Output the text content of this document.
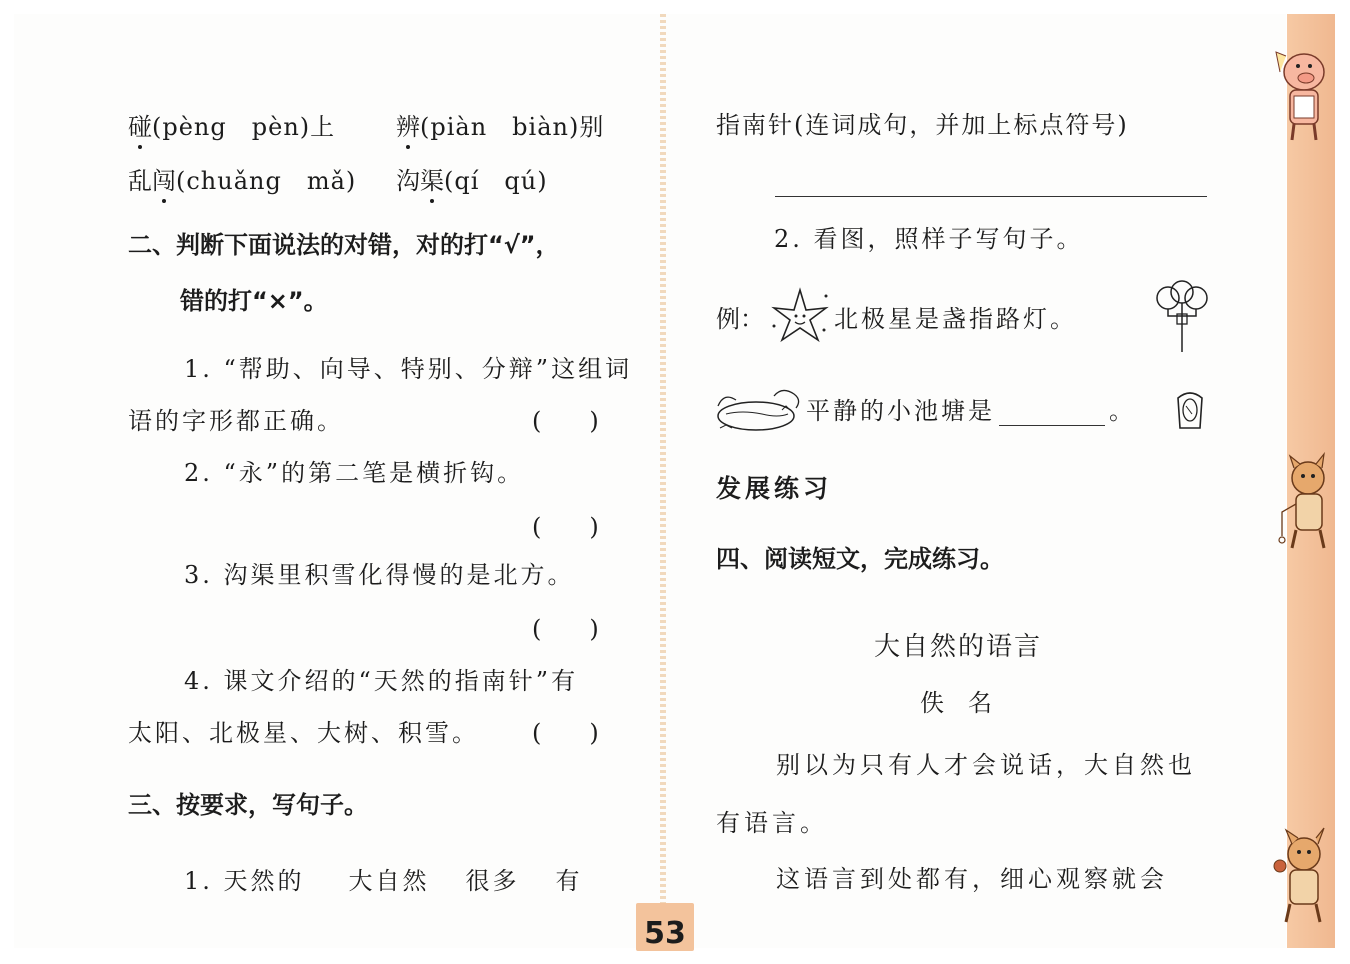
碰(pèng　pèn)上	辨(piàn　biàn)别
乱闯(chuǎng　mǎ) 沟渠(qí　qú)
二、判断下面说法的对错，对的打“√”，
错的打“×”。
1. “帮助、向导、特别、分辩”这组词
语的字形都正确。	(　　)
2. “永”的第二笔是横折钩。
(　　)
3. 沟渠里积雪化得慢的是北方。
(　　)
4. 课文介绍的“天然的指南针”有
太阳、北极星、大树、积雪。 (　　)
三、按要求，写句子。
1. 天然的 大自然 很多 有
指南针(连词成句，并加上标点符号)
2. 看图，照样子写句子。
例：	北极星是盏指路灯。
平静的小池塘是	。
发展练习
四、阅读短文，完成练习。
大自然的语言
佚　名
别以为只有人才会说话，大自然也
有语言。
这语言到处都有，细心观察就会
53
